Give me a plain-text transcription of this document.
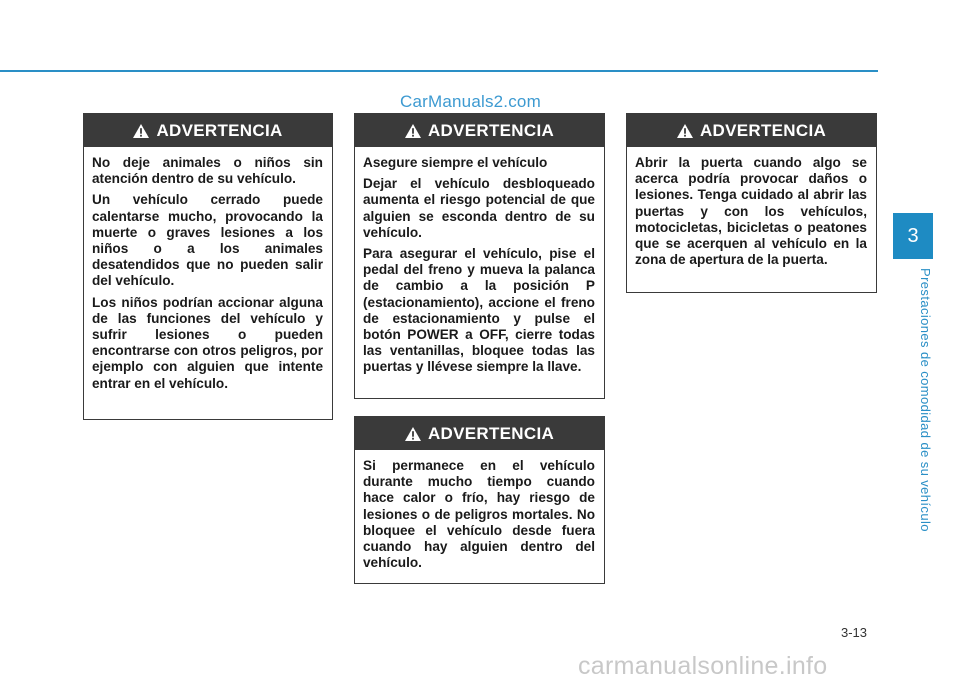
CarManuals2.com
ADVERTENCIA

No deje animales o niños sin atención dentro de su vehículo.

Un vehículo cerrado puede calentarse mucho, provocando la muerte o graves lesiones a los niños o a los animales desatendidos que no pueden salir del vehículo.

Los niños podrían accionar alguna de las funciones del vehículo y sufrir lesiones o pueden encontrarse con otros peligros, por ejemplo con alguien que intente entrar en el vehículo.

ADVERTENCIA

Asegure siempre el vehículo

Dejar el vehículo desbloqueado aumenta el riesgo potencial de que alguien se esconda dentro de su vehículo.

Para asegurar el vehículo, pise el pedal del freno y mueva la palanca de cambio a la posición P (estacionamiento), accione el freno de estacionamiento y pulse el botón POWER a OFF, cierre todas las ventanillas, bloquee todas las puertas y llévese siempre la llave.

ADVERTENCIA

Si permanece en el vehículo durante mucho tiempo cuando hace calor o frío, hay riesgo de lesiones o de peligros mortales. No bloquee el vehículo desde fuera cuando hay alguien dentro del vehículo.

ADVERTENCIA

Abrir la puerta cuando algo se acerca podría provocar daños o lesiones. Tenga cuidado al abrir las puertas y con los vehículos, motocicletas, bicicletas o peatones que se acerquen al vehículo en la zona de apertura de la puerta.

3
Prestaciones de comodidad de su vehículo
3-13
carmanualsonline.info
